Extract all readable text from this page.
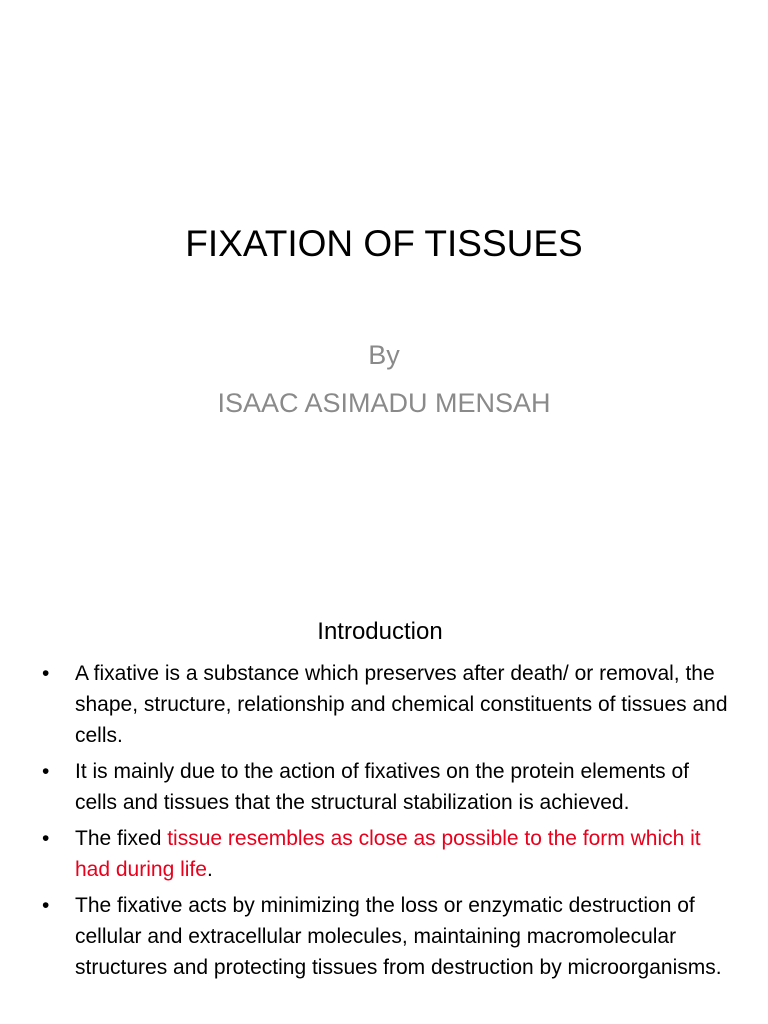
FIXATION OF TISSUES
By
ISAAC ASIMADU MENSAH
Introduction
• A fixative is a substance which preserves after death/ or removal, the shape, structure, relationship and chemical constituents of tissues and cells.
• It is mainly due to the action of fixatives on the protein elements of cells and tissues that the structural stabilization is achieved.
• The fixed tissue resembles as close as possible to the form which it had during life.
• The fixative acts by minimizing the loss or enzymatic destruction of cellular and extracellular molecules, maintaining macromolecular structures and protecting tissues from destruction by microorganisms.
